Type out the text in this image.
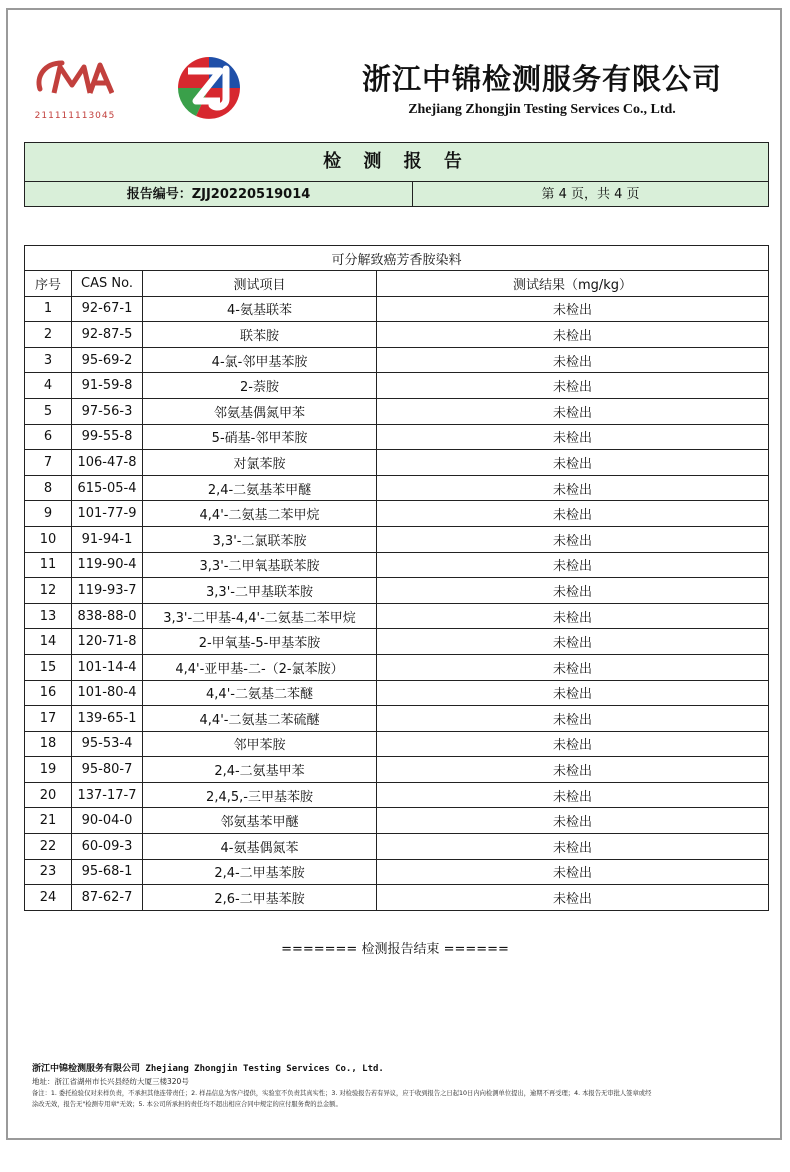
211111113045
浙江中锦检测服务有限公司
Zhejiang Zhongjin Testing Services Co., Ltd.
检 测 报 告
报告编号：ZJJ20220519014	第 4 页，共 4 页
可分解致癌芳香胺染料			
序号	CAS No.	测试项目	测试结果（mg/kg）
1	92-67-1	4-氨基联苯	未检出
2	92-87-5	联苯胺	未检出
3	95-69-2	4-氯-邻甲基苯胺	未检出
4	91-59-8	2-萘胺	未检出
5	97-56-3	邻氨基偶氮甲苯	未检出
6	99-55-8	5-硝基-邻甲苯胺	未检出
7	106-47-8	对氯苯胺	未检出
8	615-05-4	2,4-二氨基苯甲醚	未检出
9	101-77-9	4,4'-二氨基二苯甲烷	未检出
10	91-94-1	3,3'-二氯联苯胺	未检出
11	119-90-4	3,3'-二甲氧基联苯胺	未检出
12	119-93-7	3,3'-二甲基联苯胺	未检出
13	838-88-0	3,3'-二甲基-4,4'-二氨基二苯甲烷	未检出
14	120-71-8	2-甲氧基-5-甲基苯胺	未检出
15	101-14-4	4,4'-亚甲基-二-（2-氯苯胺）	未检出
16	101-80-4	4,4'-二氨基二苯醚	未检出
17	139-65-1	4,4'-二氨基二苯硫醚	未检出
18	95-53-4	邻甲苯胺	未检出
19	95-80-7	2,4-二氨基甲苯	未检出
20	137-17-7	2,4,5,-三甲基苯胺	未检出
21	90-04-0	邻氨基苯甲醚	未检出
22	60-09-3	4-氨基偶氮苯	未检出
23	95-68-1	2,4-二甲基苯胺	未检出
24	87-62-7	2,6-二甲基苯胺	未检出
======= 检测报告结束 ======
浙江中锦检测服务有限公司 Zhejiang Zhongjin Testing Services Co., Ltd.
地址：浙江省湖州市长兴县经纺大厦三楼320号
备注：1. 委托检验仅对来样负责，不承担其他连带责任；2. 样品信息为客户提供，实验室不负责其真实性；3. 对检验报告若有异议，应于收到报告之日起10日内向检测单位提出，逾期不再受理；4. 本报告无审批人签章或经
涂改无效，报告无"检测专用章"无效；5. 本公司所承担的责任均不超出相应合同中规定的应付服务费的总金额。
